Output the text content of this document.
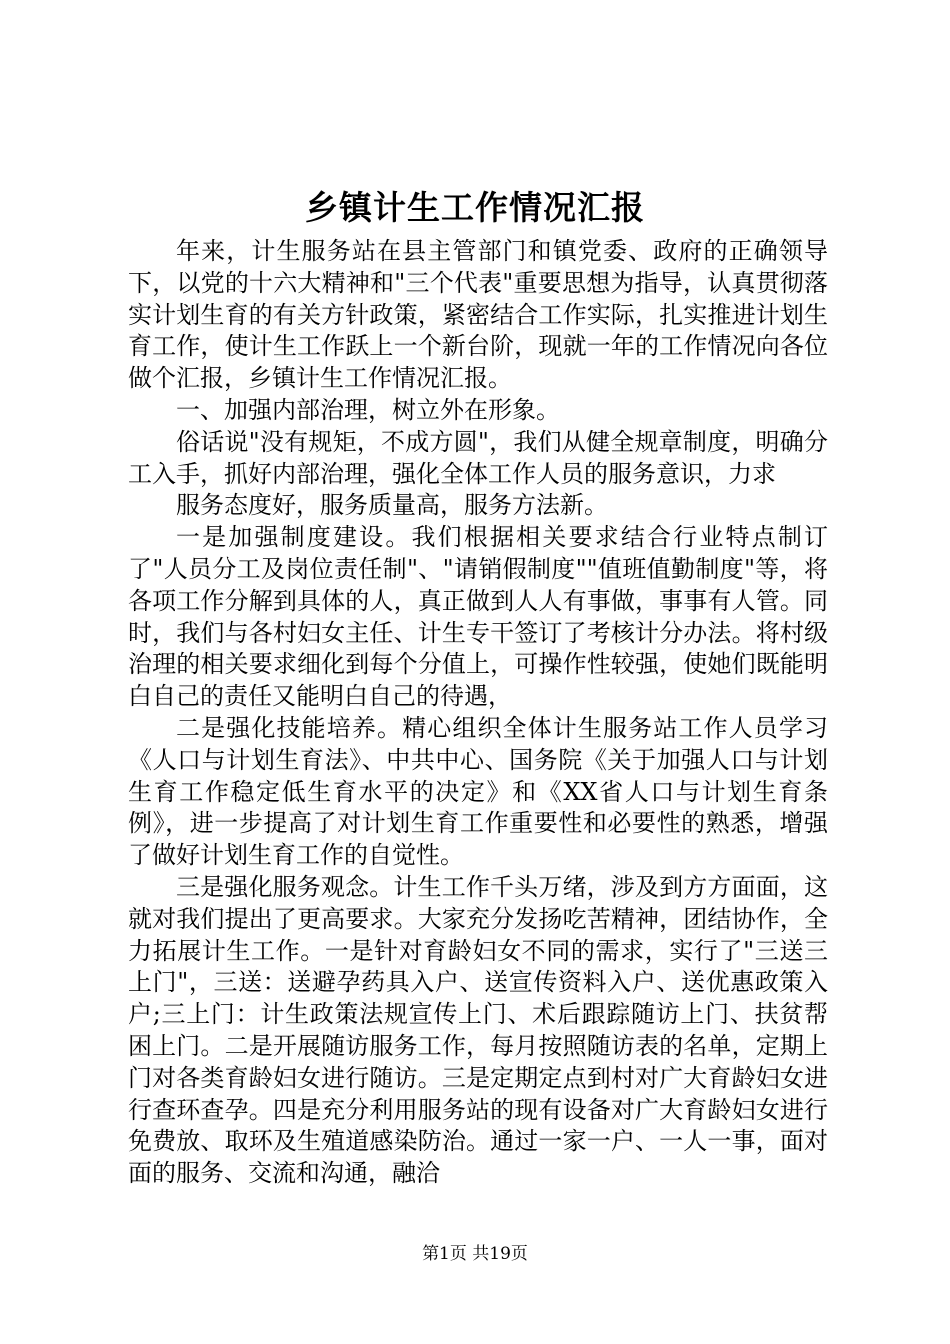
乡镇计生工作情况汇报

年来，计生服务站在县主管部门和镇党委、政府的正确领导下，以党的十六大精神和"三个代表"重要思想为指导，认真贯彻落实计划生育的有关方针政策，紧密结合工作实际，扎实推进计划生育工作，使计生工作跃上一个新台阶，现就一年的工作情况向各位做个汇报，乡镇计生工作情况汇报。

一、加强内部治理，树立外在形象。

俗话说"没有规矩，不成方圆"，我们从健全规章制度，明确分工入手，抓好内部治理，强化全体工作人员的服务意识，力求

服务态度好，服务质量高，服务方法新。

一是加强制度建设。我们根据相关要求结合行业特点制订了"人员分工及岗位责任制"、"请销假制度""值班值勤制度"等，将各项工作分解到具体的人，真正做到人人有事做，事事有人管。同时，我们与各村妇女主任、计生专干签订了考核计分办法。将村级治理的相关要求细化到每个分值上，可操作性较强，使她们既能明白自己的责任又能明白自己的待遇，

二是强化技能培养。精心组织全体计生服务站工作人员学习《人口与计划生育法》、中共中心、国务院《关于加强人口与计划生育工作稳定低生育水平的决定》和《XX省人口与计划生育条例》，进一步提高了对计划生育工作重要性和必要性的熟悉，增强了做好计划生育工作的自觉性。

三是强化服务观念。计生工作千头万绪，涉及到方方面面，这就对我们提出了更高要求。大家充分发扬吃苦精神，团结协作，全力拓展计生工作。一是针对育龄妇女不同的需求，实行了"三送三上门"，三送：送避孕药具入户、送宣传资料入户、送优惠政策入户;三上门：计生政策法规宣传上门、术后跟踪随访上门、扶贫帮困上门。二是开展随访服务工作，每月按照随访表的名单，定期上门对各类育龄妇女进行随访。三是定期定点到村对广大育龄妇女进行查环查孕。四是充分利用服务站的现有设备对广大育龄妇女进行免费放、取环及生殖道感染防治。通过一家一户、一人一事，面对面的服务、交流和沟通，融洽

第1页 共19页
